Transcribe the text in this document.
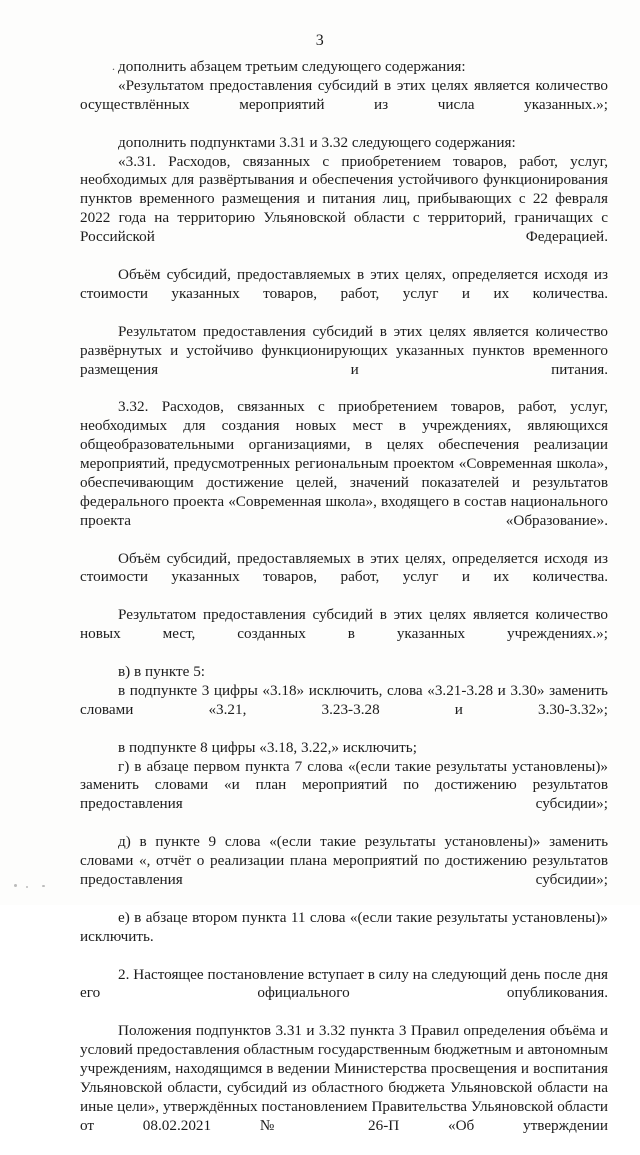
3
. дополнить абзацем третьим следующего содержания:

«Результатом предоставления субсидий в этих целях является количество осуществлённых мероприятий из числа указанных.»;

дополнить подпунктами 3.31 и 3.32 следующего содержания:

«3.31. Расходов, связанных с приобретением товаров, работ, услуг, необходимых для развёртывания и обеспечения устойчивого функционирования пунктов временного размещения и питания лиц, прибывающих с 22 февраля 2022 года на территорию Ульяновской области с территорий, граничащих с Российской Федерацией.

Объём субсидий, предоставляемых в этих целях, определяется исходя из стоимости указанных товаров, работ, услуг и их количества.

Результатом предоставления субсидий в этих целях является количество развёрнутых и устойчиво функционирующих указанных пунктов временного размещения и питания.

3.32. Расходов, связанных с приобретением товаров, работ, услуг, необходимых для создания новых мест в учреждениях, являющихся общеобразовательными организациями, в целях обеспечения реализации мероприятий, предусмотренных региональным проектом «Современная школа», обеспечивающим достижение целей, значений показателей и результатов федерального проекта «Современная школа», входящего в состав национального проекта «Образование».

Объём субсидий, предоставляемых в этих целях, определяется исходя из стоимости указанных товаров, работ, услуг и их количества.

Результатом предоставления субсидий в этих целях является количество новых мест, созданных в указанных учреждениях.»;

в) в пункте 5:

в подпункте 3 цифры «3.18» исключить, слова «3.21-3.28 и 3.30» заменить словами «3.21, 3.23-3.28 и 3.30-3.32»;

в подпункте 8 цифры «3.18, 3.22,» исключить;

г) в абзаце первом пункта 7 слова «(если такие результаты установлены)» заменить словами «и план мероприятий по достижению результатов предоставления субсидии»;

д) в пункте 9 слова «(если такие результаты установлены)» заменить словами «, отчёт о реализации плана мероприятий по достижению результатов предоставления субсидии»;

е) в абзаце втором пункта 11 слова «(если такие результаты установлены)» исключить.

2. Настоящее постановление вступает в силу на следующий день после дня его официального опубликования.

Положения подпунктов 3.31 и 3.32 пункта 3 Правил определения объёма и условий предоставления областным государственным бюджетным и автономным учреждениям, находящимся в ведении Министерства просвещения и воспитания Ульяновской области, субсидий из областного бюджета Ульяновской области на иные цели», утверждённых постановлением Правительства Ульяновской области от 08.02.2021 № 26-П «Об утверждении
